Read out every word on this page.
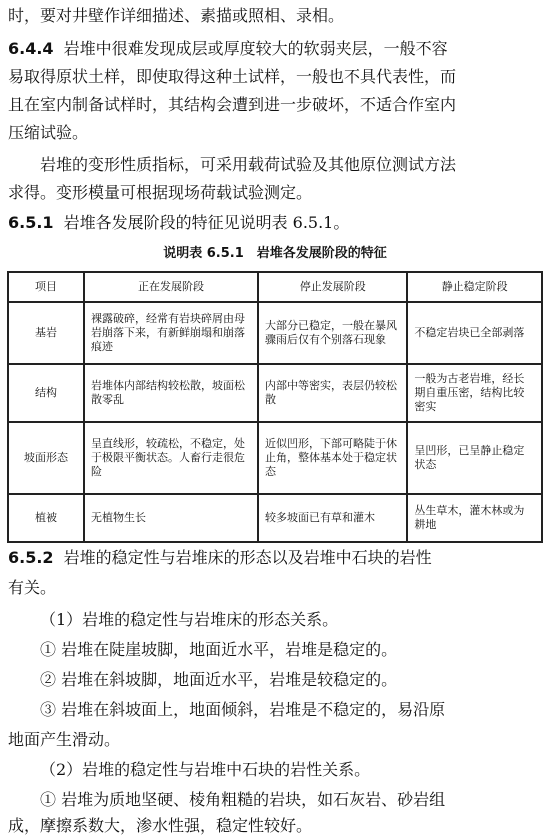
时，要对井壁作详细描述、素描或照相、录相。
6.4.4 岩堆中很难发现成层或厚度较大的软弱夹层，一般不容
易取得原状土样，即使取得这种土试样，一般也不具代表性，而
且在室内制备试样时，其结构会遭到进一步破坏，不适合作室内
压缩试验。
岩堆的变形性质指标，可采用载荷试验及其他原位测试方法
求得。变形模量可根据现场荷载试验测定。
6.5.1 岩堆各发展阶段的特征见说明表 6.5.1。
说明表 6.5.1　岩堆各发展阶段的特征
项目	正在发展阶段	停止发展阶段	静止稳定阶段
基岩	裸露破碎，经常有岩块碎屑由母岩崩落下来，有新鲜崩塌和崩落痕迹	大部分已稳定，一般在暴风骤雨后仅有个别落石现象	不稳定岩块已全部剥落
结构	岩堆体内部结构较松散，坡面松散零乱	内部中等密实，表层仍较松散	一般为古老岩堆，经长期自重压密，结构比较密实
坡面形态	呈直线形，较疏松，不稳定，处于极限平衡状态。人畜行走很危险	近似凹形，下部可略陡于休止角，整体基本处于稳定状态	呈凹形，已呈静止稳定状态
植被	无植物生长	较多坡面已有草和灌木	丛生草木，灌木林或为耕地
6.5.2 岩堆的稳定性与岩堆床的形态以及岩堆中石块的岩性
有关。
（1）岩堆的稳定性与岩堆床的形态关系。
① 岩堆在陡崖坡脚，地面近水平，岩堆是稳定的。
② 岩堆在斜坡脚，地面近水平，岩堆是较稳定的。
③ 岩堆在斜坡面上，地面倾斜，岩堆是不稳定的，易沿原
地面产生滑动。
（2）岩堆的稳定性与岩堆中石块的岩性关系。
① 岩堆为质地坚硬、棱角粗糙的岩块，如石灰岩、砂岩组
成，摩擦系数大，渗水性强，稳定性较好。
